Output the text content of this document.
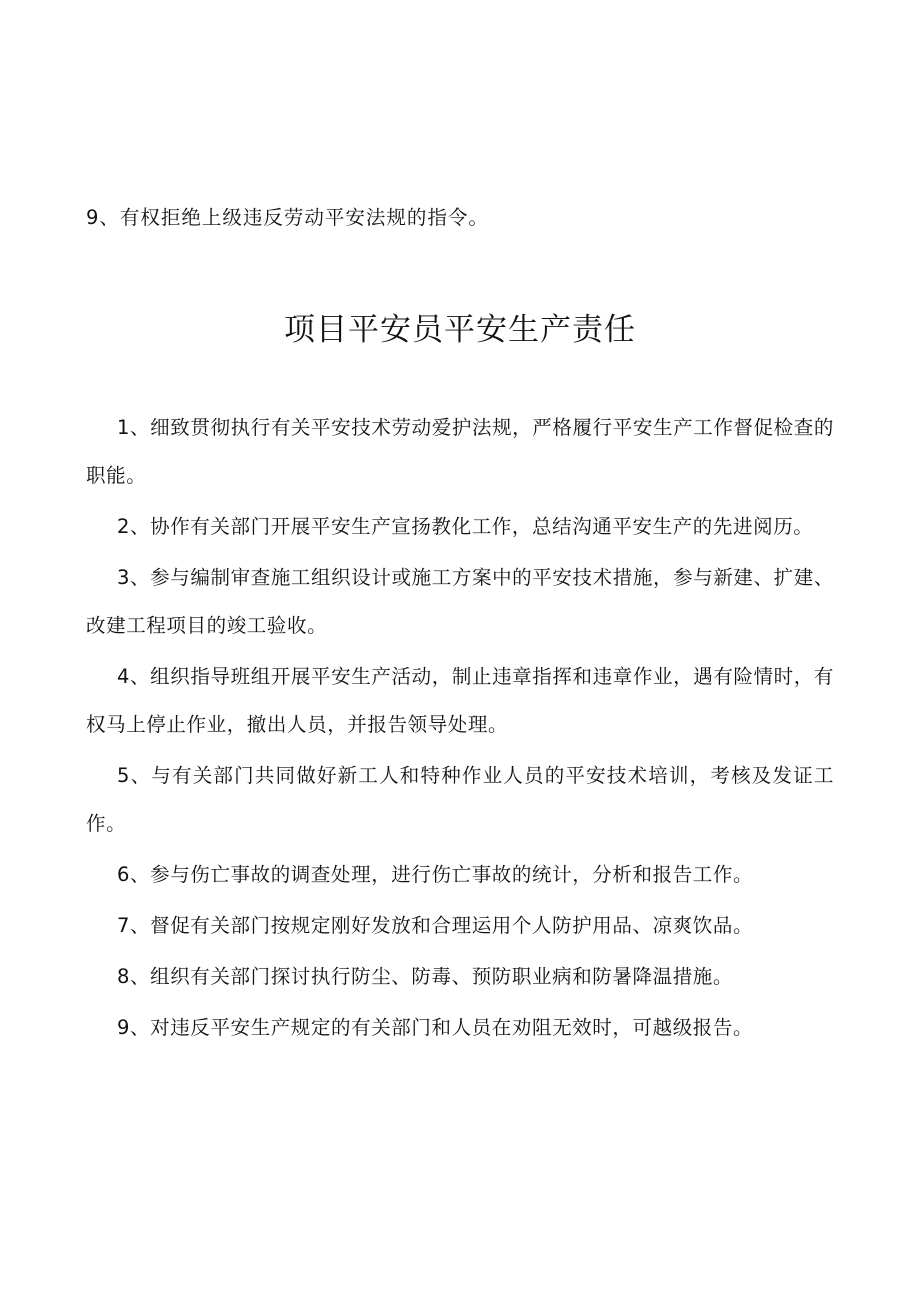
9、有权拒绝上级违反劳动平安法规的指令。
项目平安员平安生产责任

1、细致贯彻执行有关平安技术劳动爱护法规，严格履行平安生产工作督促检查的职能。

2、协作有关部门开展平安生产宣扬教化工作，总结沟通平安生产的先进阅历。

3、参与编制审查施工组织设计或施工方案中的平安技术措施，参与新建、扩建、改建工程项目的竣工验收。

4、组织指导班组开展平安生产活动，制止违章指挥和违章作业，遇有险情时，有权马上停止作业，撤出人员，并报告领导处理。

5、与有关部门共同做好新工人和特种作业人员的平安技术培训，考核及发证工作。

6、参与伤亡事故的调查处理，进行伤亡事故的统计，分析和报告工作。

7、督促有关部门按规定刚好发放和合理运用个人防护用品、凉爽饮品。

8、组织有关部门探讨执行防尘、防毒、预防职业病和防暑降温措施。

9、对违反平安生产规定的有关部门和人员在劝阻无效时，可越级报告。
